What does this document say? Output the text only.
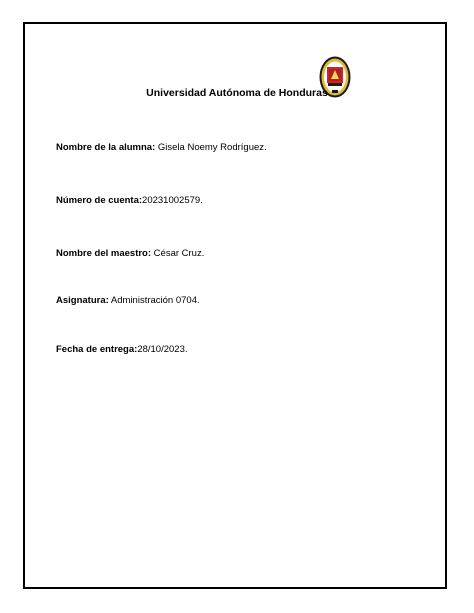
Universidad Autónoma de Honduras
Nombre de la alumna: Gisela Noemy Rodríguez.
Número de cuenta:20231002579.
Nombre del maestro: César Cruz.
Asignatura: Administración 0704.
Fecha de entrega:28/10/2023.
